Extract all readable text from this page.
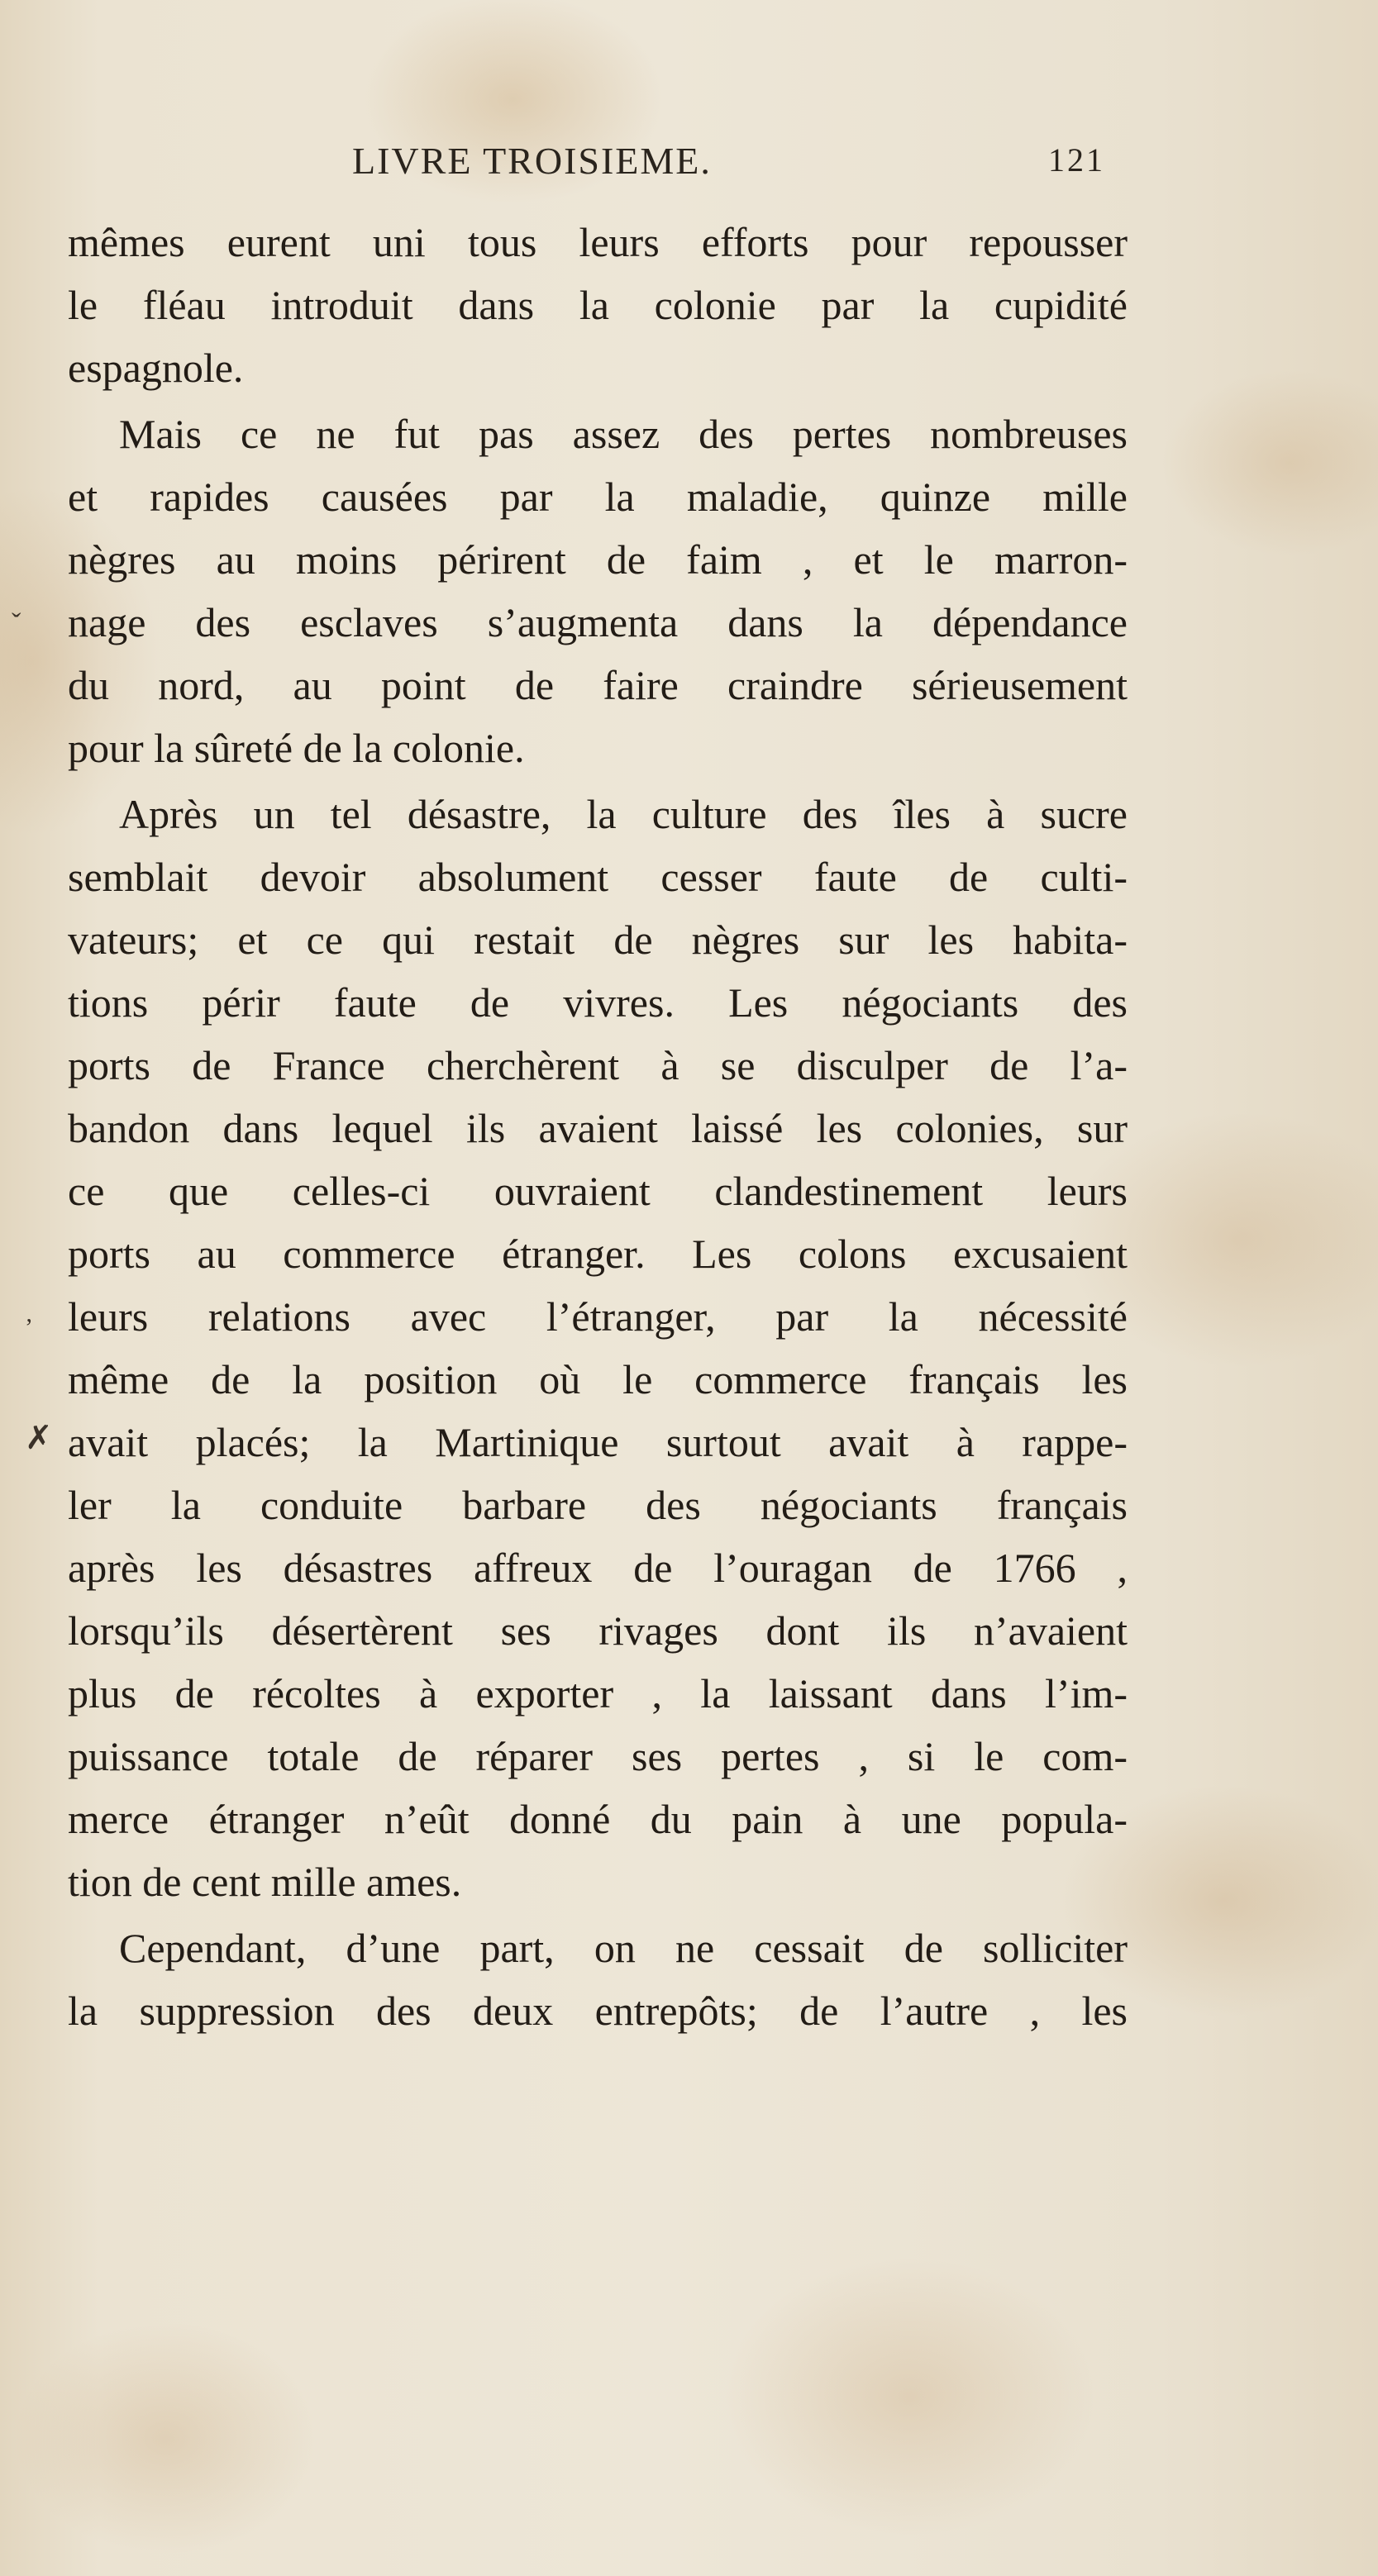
LIVRE TROISIEME.	121
mêmes eurent uni tous leurs efforts pour repousser
le fléau introduit dans la colonie par la cupidité
espagnole.
Mais ce ne fut pas assez des pertes nombreuses
et rapides causées par la maladie, quinze mille
nègres au moins périrent de faim , et le marron-
nage des esclaves s’augmenta dans la dépendance
du nord, au point de faire craindre sérieusement
pour la sûreté de la colonie.
Après un tel désastre, la culture des îles à sucre
semblait devoir absolument cesser faute de culti-
vateurs; et ce qui restait de nègres sur les habita-
tions périr faute de vivres. Les négociants des
ports de France cherchèrent à se disculper de l’a-
bandon dans lequel ils avaient laissé les colonies, sur
ce que celles-ci ouvraient clandestinement leurs
ports au commerce étranger. Les colons excusaient
leurs relations avec l’étranger, par la nécessité
même de la position où le commerce français les
avait placés; la Martinique surtout avait à rappe-
ler la conduite barbare des négociants français
après les désastres affreux de l’ouragan de 1766 ,
lorsqu’ils désertèrent ses rivages dont ils n’avaient
plus de récoltes à exporter , la laissant dans l’im-
puissance totale de réparer ses pertes , si le com-
merce étranger n’eût donné du pain à une popula-
tion de cent mille ames.
Cependant, d’une part, on ne cessait de solliciter
la suppression des deux entrepôts; de l’autre , les
ˇ
ʼ
✗
